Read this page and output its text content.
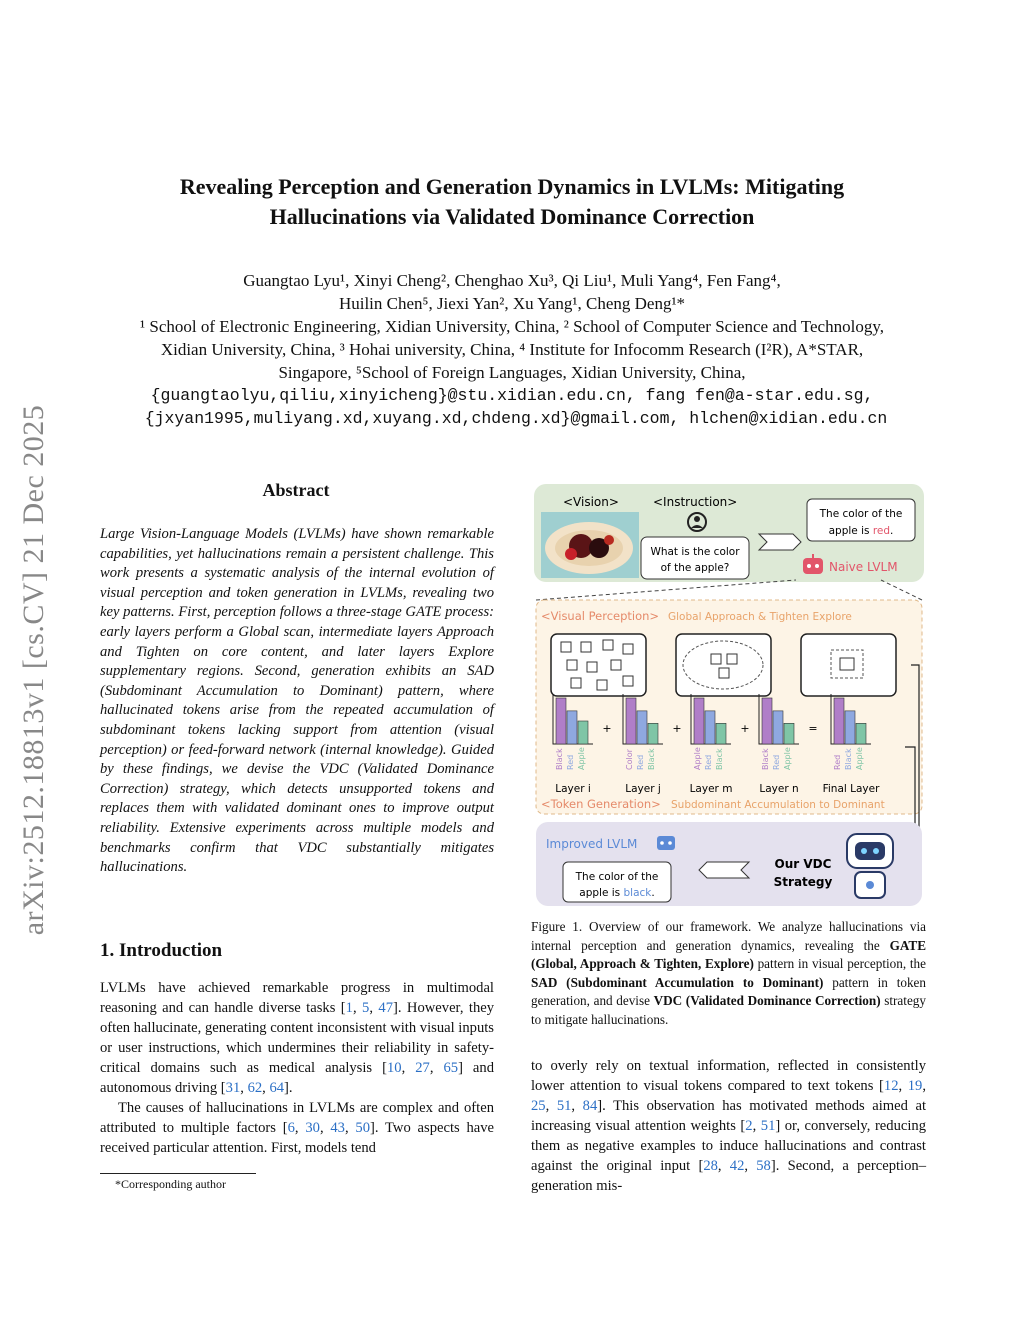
arXiv:2512.18813v1 [cs.CV] 21 Dec 2025
Revealing Perception and Generation Dynamics in LVLMs: Mitigating
Hallucinations via Validated Dominance Correction
Guangtao Lyu¹, Xinyi Cheng², Chenghao Xu³, Qi Liu¹, Muli Yang⁴, Fen Fang⁴,
Huilin Chen⁵, Jiexi Yan², Xu Yang¹, Cheng Deng¹*
¹ School of Electronic Engineering, Xidian University, China, ² School of Computer Science and Technology,
Xidian University, China, ³ Hohai university, China, ⁴ Institute for Infocomm Research (I²R), A*STAR,
Singapore, ⁵School of Foreign Languages, Xidian University, China,
{guangtaolyu,qiliu,xinyicheng}@stu.xidian.edu.cn, fang fen@a-star.edu.sg,
{jxyan1995,muliyang.xd,xuyang.xd,chdeng.xd}@gmail.com, hlchen@xidian.edu.cn
Abstract
Large Vision-Language Models (LVLMs) have shown remarkable capabilities, yet hallucinations remain a persistent challenge. This work presents a systematic analysis of the internal evolution of visual perception and token generation in LVLMs, revealing two key patterns. First, perception follows a three-stage GATE process: early layers perform a Global scan, intermediate layers Approach and Tighten on core content, and later layers Explore supplementary regions. Second, generation exhibits an SAD (Subdominant Accumulation to Dominant) pattern, where hallucinated tokens arise from the repeated accumulation of subdominant tokens lacking support from attention (visual perception) or feed-forward network (internal knowledge). Guided by these findings, we devise the VDC (Validated Dominance Correction) strategy, which detects unsupported tokens and replaces them with validated dominant ones to improve output reliability. Extensive experiments across multiple models and benchmarks confirm that VDC substantially mitigates hallucinations.
1. Introduction

LVLMs have achieved remarkable progress in multimodal reasoning and can handle diverse tasks [1, 5, 47]. However, they often hallucinate, generating content inconsistent with visual inputs or user instructions, which undermines their reliability in safety-critical domains such as medical analysis [10, 27, 65] and autonomous driving [31, 62, 64].

The causes of hallucinations in LVLMs are complex and often attributed to multiple factors [6, 30, 43, 50]. Two aspects have received particular attention. First, models tend

*Corresponding author
<Vision>	<Instruction>
What is the color
of the apple?
The color of the
apple is red.
Naive LVLM
<Visual Perception> Global Approach & Tighten Explore
Black Red Apple
Layer i
+
Color Red Black
Layer j
+
Apple Red Black
Layer m
+
Black Red Apple
Layer n
=
Red Black Apple
Final Layer
<Token Generation> Subdominant Accumulation to Dominant
Improved LVLM
The color of the
apple is black.
Our VDC
Strategy
Figure 1. Overview of our framework. We analyze hallucinations via internal perception and generation dynamics, revealing the GATE (Global, Approach & Tighten, Explore) pattern in visual perception, the SAD (Subdominant Accumulation to Dominant) pattern in token generation, and devise VDC (Validated Dominance Correction) strategy to mitigate hallucinations.
to overly rely on textual information, reflected in consistently lower attention to visual tokens compared to text tokens [12, 19, 25, 51, 84]. This observation has motivated methods aimed at increasing visual attention weights [2, 51] or, conversely, reducing them as negative examples to induce hallucinations and contrast against the original input [28, 42, 58]. Second, a perception–generation mis-
